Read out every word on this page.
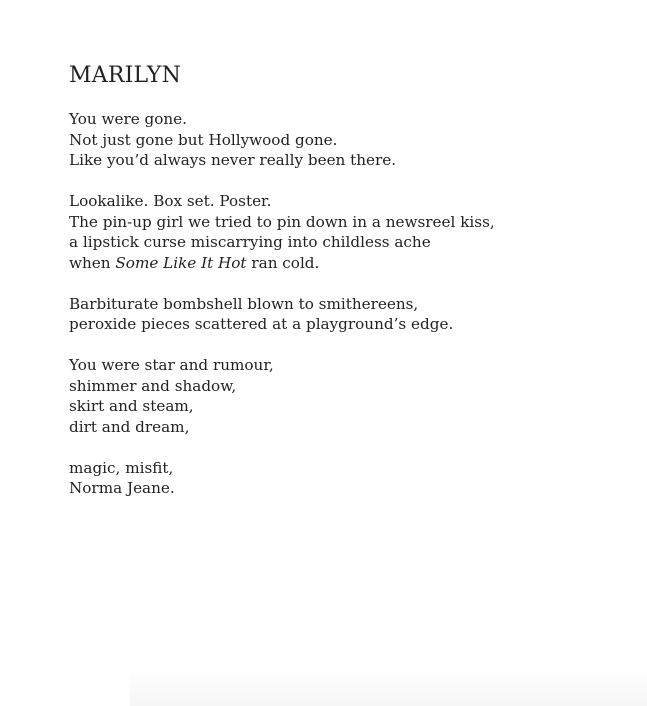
MARILYN
You were gone.
Not just gone but Hollywood gone.
Like you’d always never really been there.
Lookalike. Box set. Poster.
The pin-up girl we tried to pin down in a newsreel kiss,
a lipstick curse miscarrying into childless ache
when Some Like It Hot ran cold.
Barbiturate bombshell blown to smithereens,
peroxide pieces scattered at a playground’s edge.
You were star and rumour,
shimmer and shadow,
skirt and steam,
dirt and dream,
magic, misfit,
Norma Jeane.
